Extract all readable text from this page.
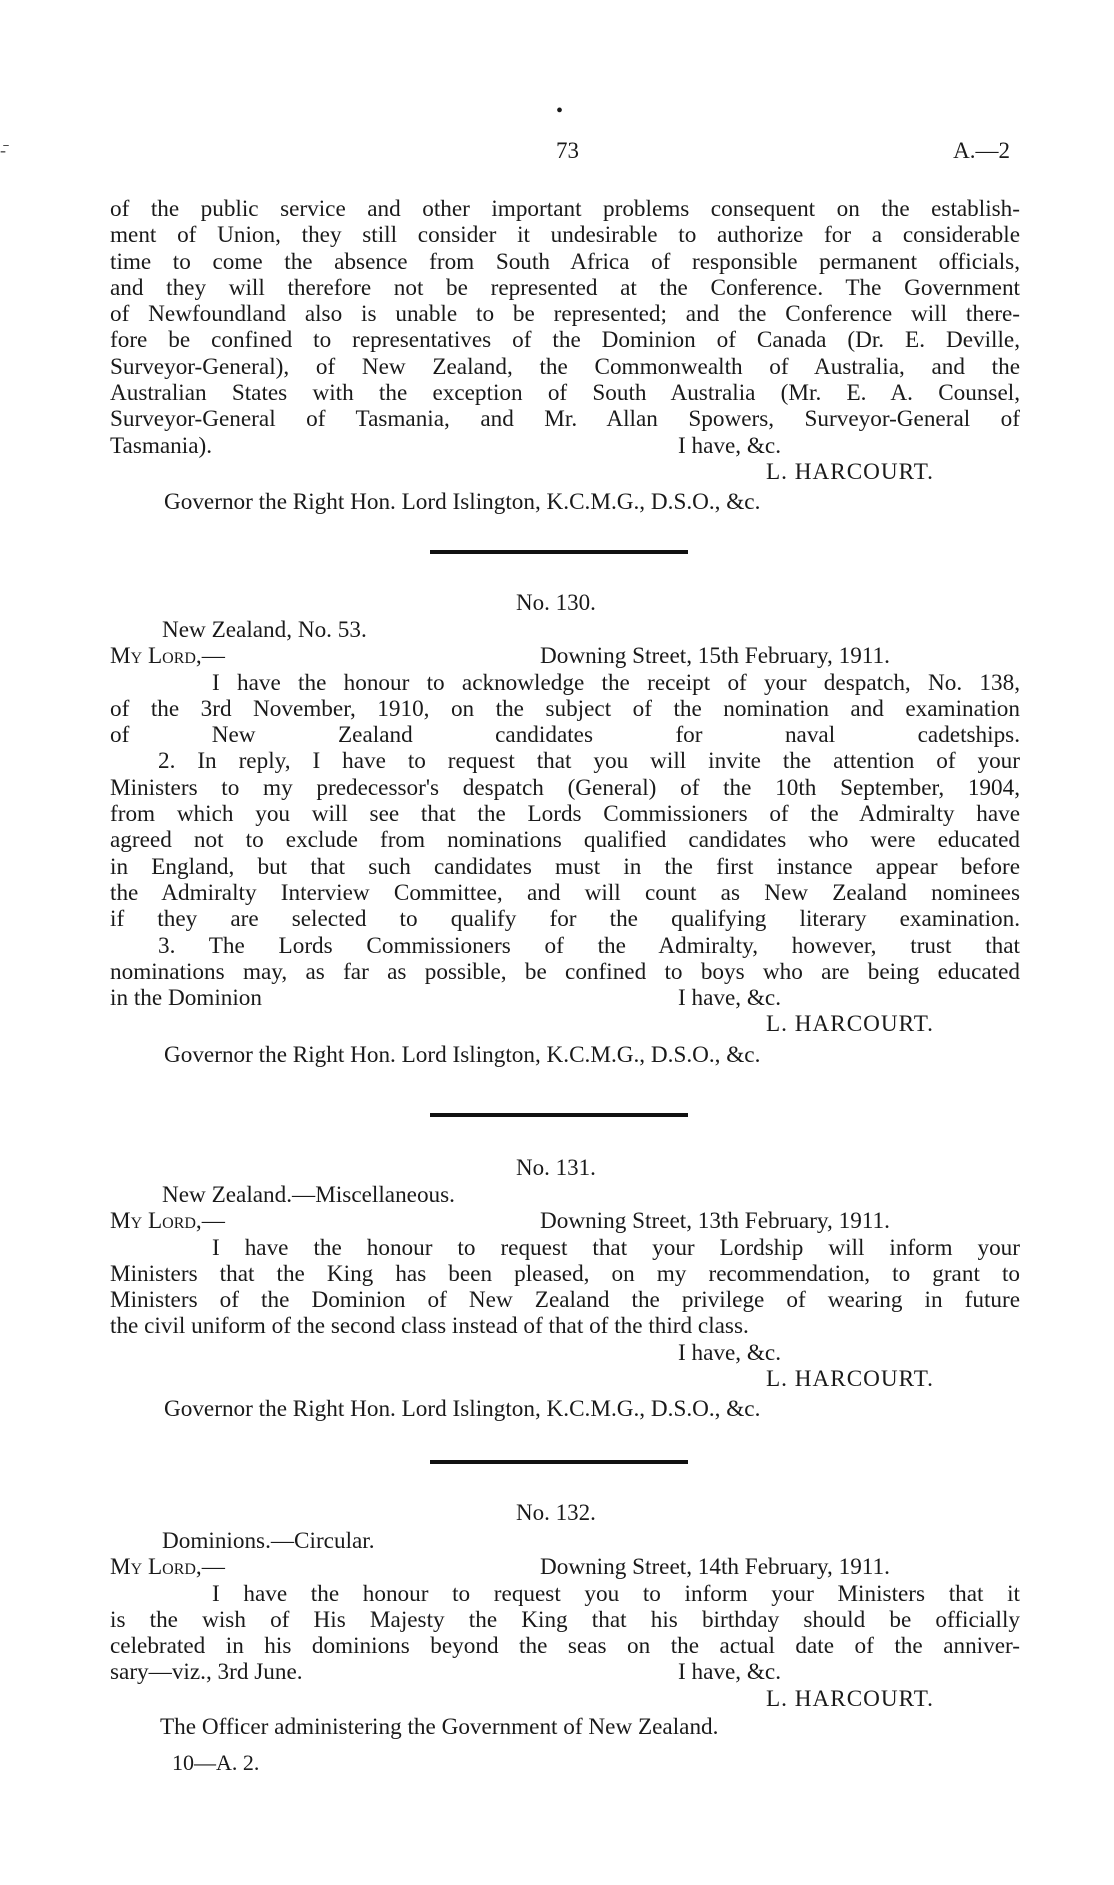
•
-̄	73	A.—2

of the public service and other important problems consequent on the establish-
ment of Union, they still consider it undesirable to authorize for a considerable
time to come the absence from South Africa of responsible permanent officials,
and they will therefore not be represented at the Conference. The Government
of Newfoundland also is unable to be represented; and the Conference will there-
fore be confined to representatives of the Dominion of Canada (Dr. E. Deville,
Surveyor-General), of New Zealand, the Commonwealth of Australia, and the
Australian States with the exception of South Australia (Mr. E. A. Counsel,
Surveyor-General of Tasmania, and Mr. Allan Spowers, Surveyor-General of

Tasmania).	I have, &c.
L. HARCOURT.
Governor the Right Hon. Lord Islington, K.C.M.G., D.S.O., &c.
No. 130.
New Zealand, No. 53.
My Lord,—	Downing Street, 15th February, 1911.

I have the honour to acknowledge the receipt of your despatch, No. 138,
of the 3rd November, 1910, on the subject of the nomination and examination
of New Zealand candidates for naval cadetships.

2. In reply, I have to request that you will invite the attention of your
Ministers to my predecessor's despatch (General) of the 10th September, 1904,
from which you will see that the Lords Commissioners of the Admiralty have
agreed not to exclude from nominations qualified candidates who were educated
in England, but that such candidates must in the first instance appear before
the Admiralty Interview Committee, and will count as New Zealand nominees
if they are selected to qualify for the qualifying literary examination.

3. The Lords Commissioners of the Admiralty, however, trust that
nominations may, as far as possible, be confined to boys who are being educated

in the Dominion	I have, &c.
L. HARCOURT.
Governor the Right Hon. Lord Islington, K.C.M.G., D.S.O., &c.
No. 131.
New Zealand.—Miscellaneous.
My Lord,—	Downing Street, 13th February, 1911.

I have the honour to request that your Lordship will inform your
Ministers that the King has been pleased, on my recommendation, to grant to
Ministers of the Dominion of New Zealand the privilege of wearing in future

the civil uniform of the second class instead of that of the third class.
I have, &c.
L. HARCOURT.
Governor the Right Hon. Lord Islington, K.C.M.G., D.S.O., &c.
No. 132.
Dominions.—Circular.
My Lord,—	Downing Street, 14th February, 1911.

I have the honour to request you to inform your Ministers that it
is the wish of His Majesty the King that his birthday should be officially
celebrated in his dominions beyond the seas on the actual date of the anniver-

sary—viz., 3rd June.	I have, &c.
L. HARCOURT.
The Officer administering the Government of New Zealand.
10—A. 2.
